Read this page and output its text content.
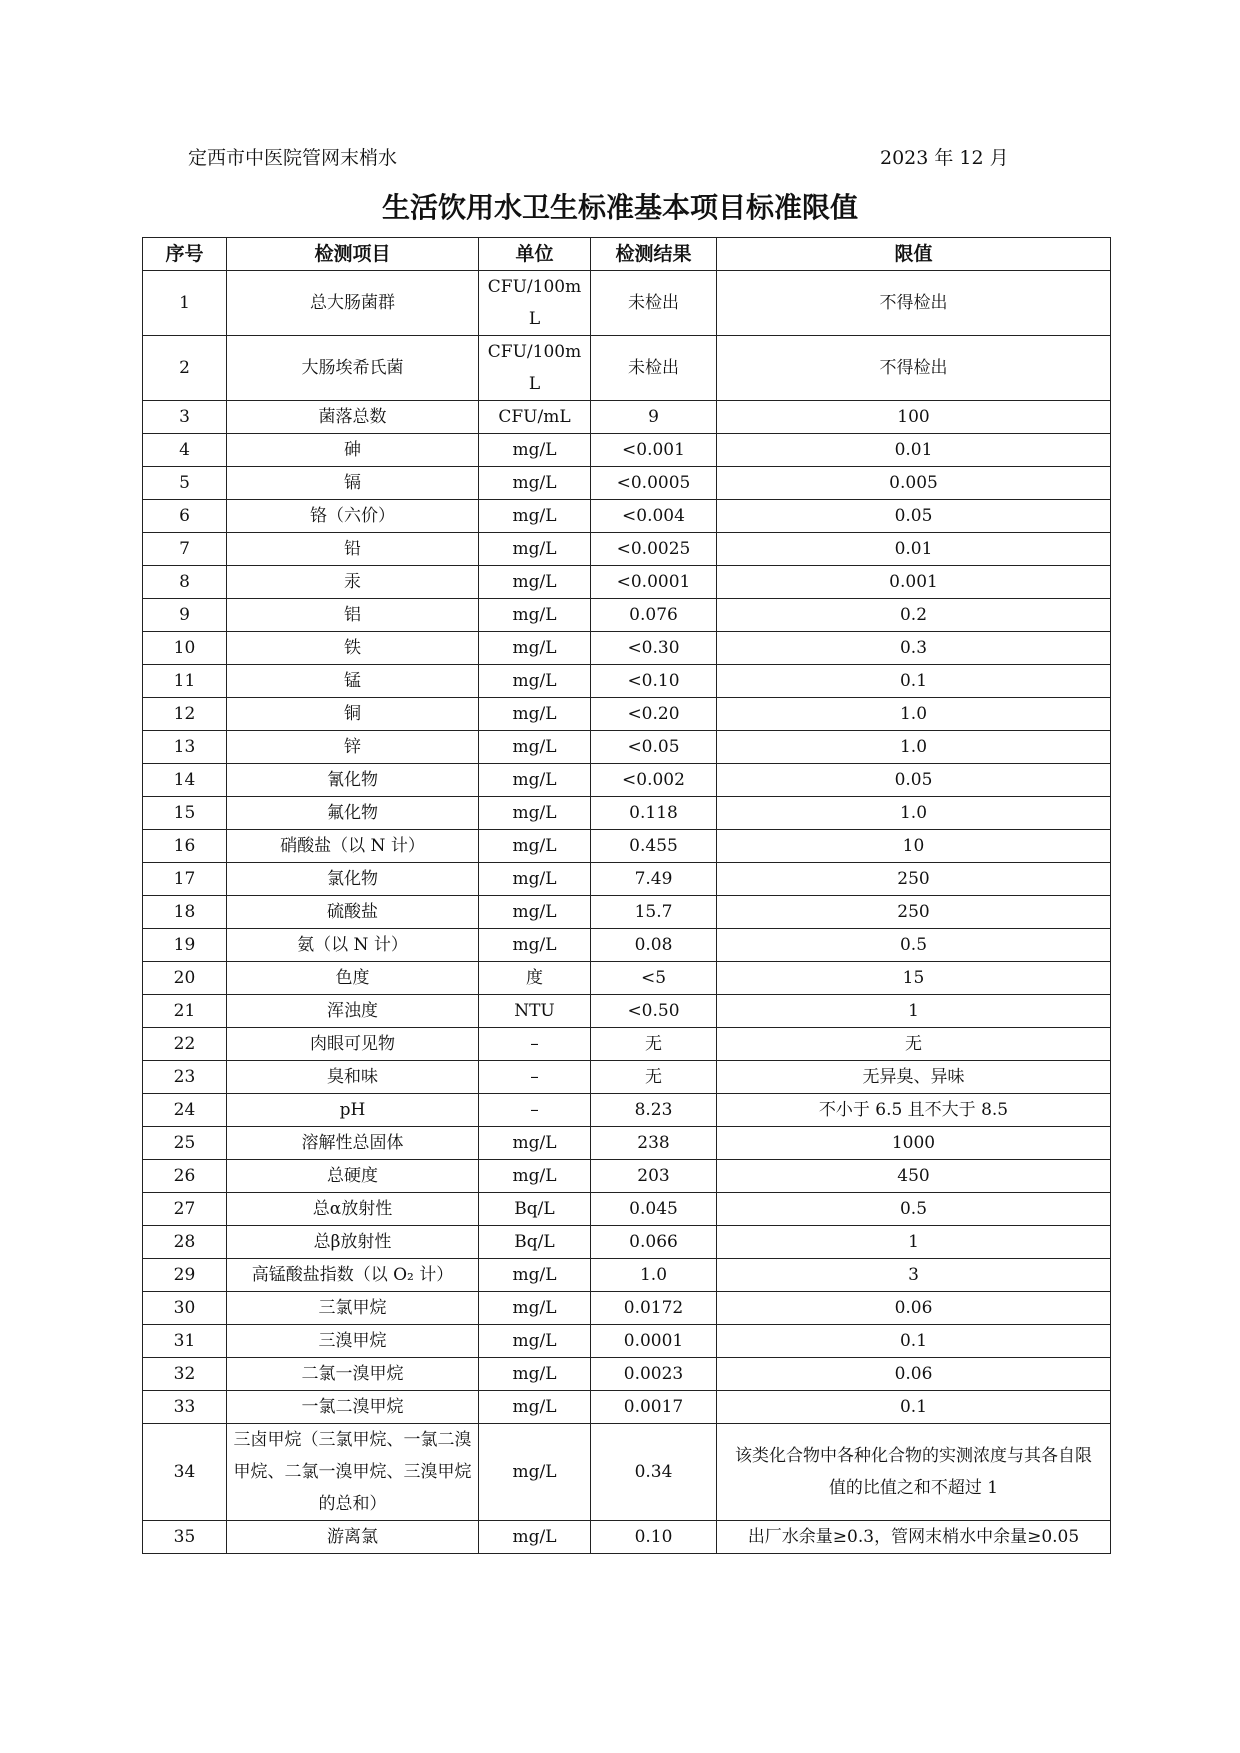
定西市中医院管网末梢水	2023 年 12 月
生活饮用水卫生标准基本项目标准限值
序号	检测项目	单位	检测结果	限值
1	总大肠菌群	CFU/100mL	未检出	不得检出
2	大肠埃希氏菌	CFU/100mL	未检出	不得检出
3	菌落总数	CFU/mL	9	100
4	砷	mg/L	<0.001	0.01
5	镉	mg/L	<0.0005	0.005
6	铬（六价）	mg/L	<0.004	0.05
7	铅	mg/L	<0.0025	0.01
8	汞	mg/L	<0.0001	0.001
9	铝	mg/L	0.076	0.2
10	铁	mg/L	<0.30	0.3
11	锰	mg/L	<0.10	0.1
12	铜	mg/L	<0.20	1.0
13	锌	mg/L	<0.05	1.0
14	氰化物	mg/L	<0.002	0.05
15	氟化物	mg/L	0.118	1.0
16	硝酸盐（以 N 计）	mg/L	0.455	10
17	氯化物	mg/L	7.49	250
18	硫酸盐	mg/L	15.7	250
19	氨（以 N 计）	mg/L	0.08	0.5
20	色度	度	<5	15
21	浑浊度	NTU	<0.50	1
22	肉眼可见物	–	无	无
23	臭和味	–	无	无异臭、异味
24	pH	–	8.23	不小于 6.5 且不大于 8.5
25	溶解性总固体	mg/L	238	1000
26	总硬度	mg/L	203	450
27	总α放射性	Bq/L	0.045	0.5
28	总β放射性	Bq/L	0.066	1
29	高锰酸盐指数（以 O₂ 计）	mg/L	1.0	3
30	三氯甲烷	mg/L	0.0172	0.06
31	三溴甲烷	mg/L	0.0001	0.1
32	二氯一溴甲烷	mg/L	0.0023	0.06
33	一氯二溴甲烷	mg/L	0.0017	0.1
34	三卤甲烷（三氯甲烷、一氯二溴甲烷、二氯一溴甲烷、三溴甲烷的总和）	mg/L	0.34	该类化合物中各种化合物的实测浓度与其各自限值的比值之和不超过 1
35	游离氯	mg/L	0.10	出厂水余量≥0.3，管网末梢水中余量≥0.05
